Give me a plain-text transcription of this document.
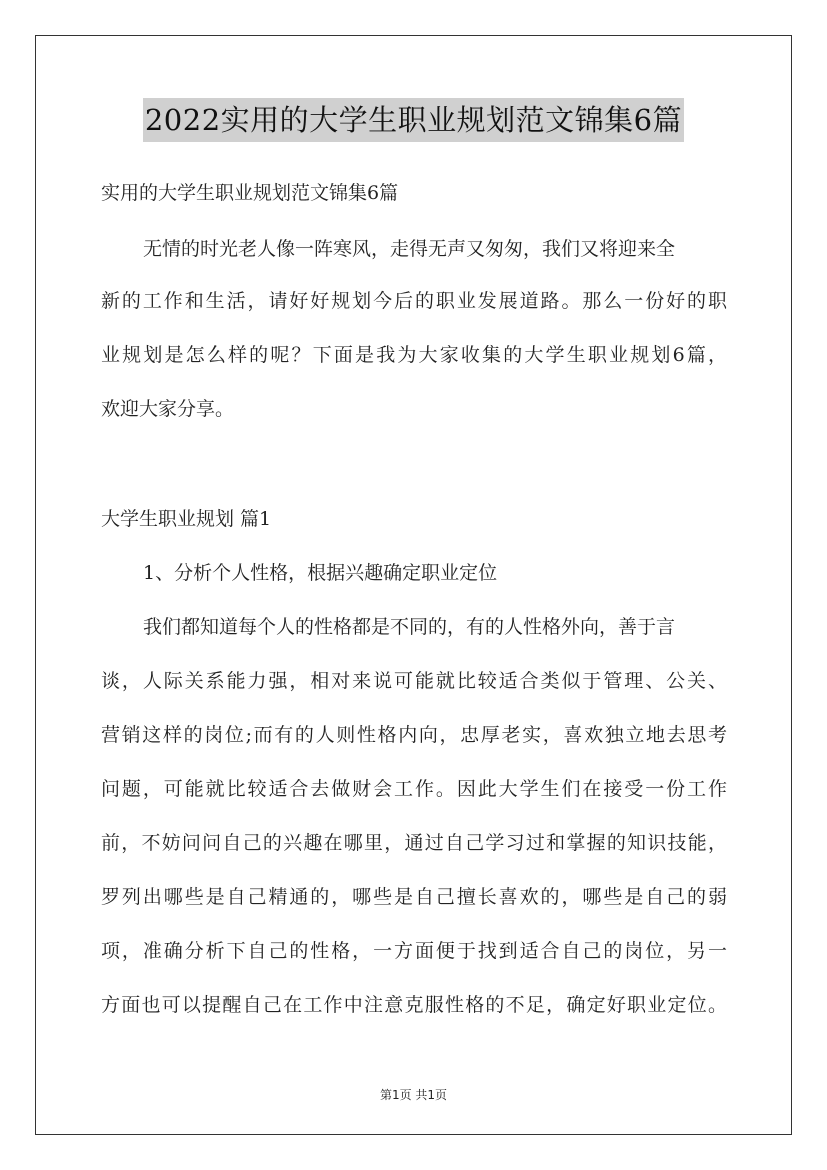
2022实用的大学生职业规划范文锦集6篇
实用的大学生职业规划范文锦集6篇
无情的时光老人像一阵寒风，走得无声又匆匆，我们又将迎来全
新的工作和生活，请好好规划今后的职业发展道路。那么一份好的职
业规划是怎么样的呢？下面是我为大家收集的大学生职业规划6篇，
欢迎大家分享。
大学生职业规划 篇1
1、分析个人性格，根据兴趣确定职业定位
我们都知道每个人的性格都是不同的，有的人性格外向，善于言
谈，人际关系能力强，相对来说可能就比较适合类似于管理、公关、
营销这样的岗位;而有的人则性格内向，忠厚老实，喜欢独立地去思考
问题，可能就比较适合去做财会工作。因此大学生们在接受一份工作
前，不妨问问自己的兴趣在哪里，通过自己学习过和掌握的知识技能，
罗列出哪些是自己精通的，哪些是自己擅长喜欢的，哪些是自己的弱
项，准确分析下自己的性格，一方面便于找到适合自己的岗位，另一
方面也可以提醒自己在工作中注意克服性格的不足，确定好职业定位。
第1页 共1页
